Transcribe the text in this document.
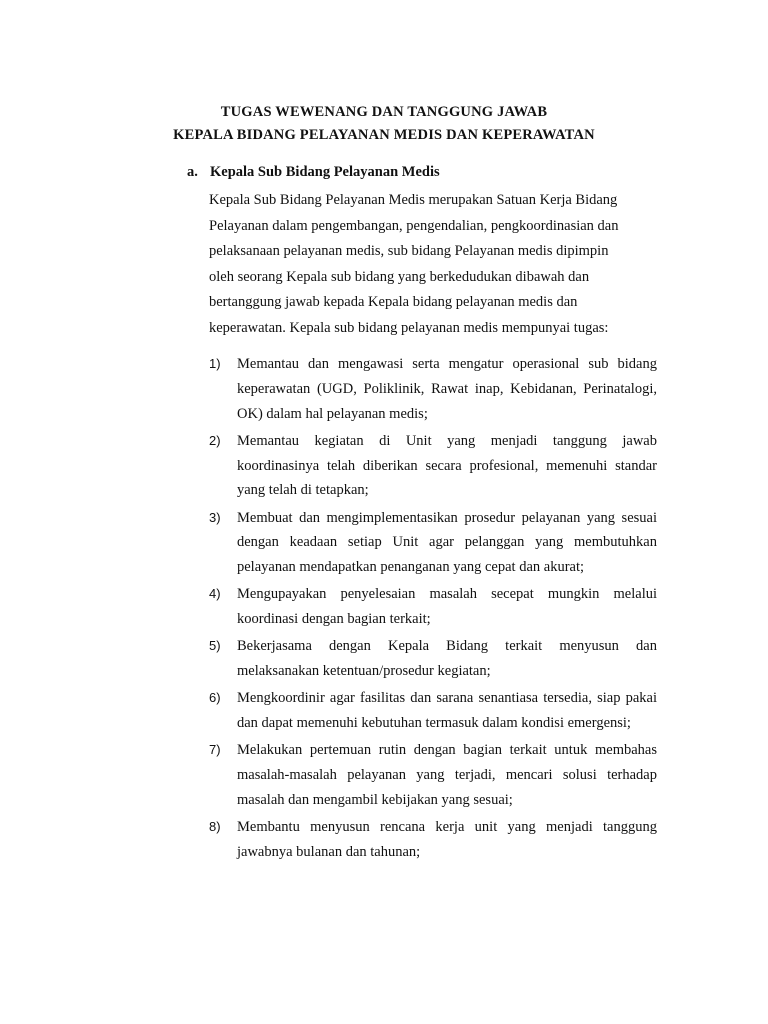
TUGAS WEWENANG DAN TANGGUNG JAWAB
KEPALA BIDANG PELAYANAN MEDIS DAN KEPERAWATAN
a. Kepala Sub Bidang Pelayanan Medis
Kepala Sub Bidang Pelayanan Medis merupakan Satuan Kerja Bidang
Pelayanan dalam pengembangan, pengendalian, pengkoordinasian dan
pelaksanaan pelayanan medis, sub bidang Pelayanan medis dipimpin
oleh seorang Kepala sub bidang yang berkedudukan dibawah dan
bertanggung jawab kepada Kepala bidang pelayanan medis dan
keperawatan. Kepala sub bidang pelayanan medis mempunyai tugas:
1)	Memantau dan mengawasi serta mengatur operasional sub bidang keperawatan (UGD, Poliklinik, Rawat inap, Kebidanan, Perinatalogi, OK) dalam hal pelayanan medis;
2)	Memantau kegiatan di Unit yang menjadi tanggung jawab koordinasinya telah diberikan secara profesional, memenuhi standar yang telah di tetapkan;
3)	Membuat dan mengimplementasikan prosedur pelayanan yang sesuai dengan keadaan setiap Unit agar pelanggan yang membutuhkan pelayanan mendapatkan penanganan yang cepat dan akurat;
4)	Mengupayakan penyelesaian masalah secepat mungkin melalui koordinasi dengan bagian terkait;
5)	Bekerjasama dengan Kepala Bidang terkait menyusun dan melaksanakan ketentuan/prosedur kegiatan;
6)	Mengkoordinir agar fasilitas dan sarana senantiasa tersedia, siap pakai dan dapat memenuhi kebutuhan termasuk dalam kondisi emergensi;
7)	Melakukan pertemuan rutin dengan bagian terkait untuk membahas masalah-masalah pelayanan yang terjadi, mencari solusi terhadap masalah dan mengambil kebijakan yang sesuai;
8)	Membantu menyusun rencana kerja unit yang menjadi tanggung jawabnya bulanan dan tahunan;
